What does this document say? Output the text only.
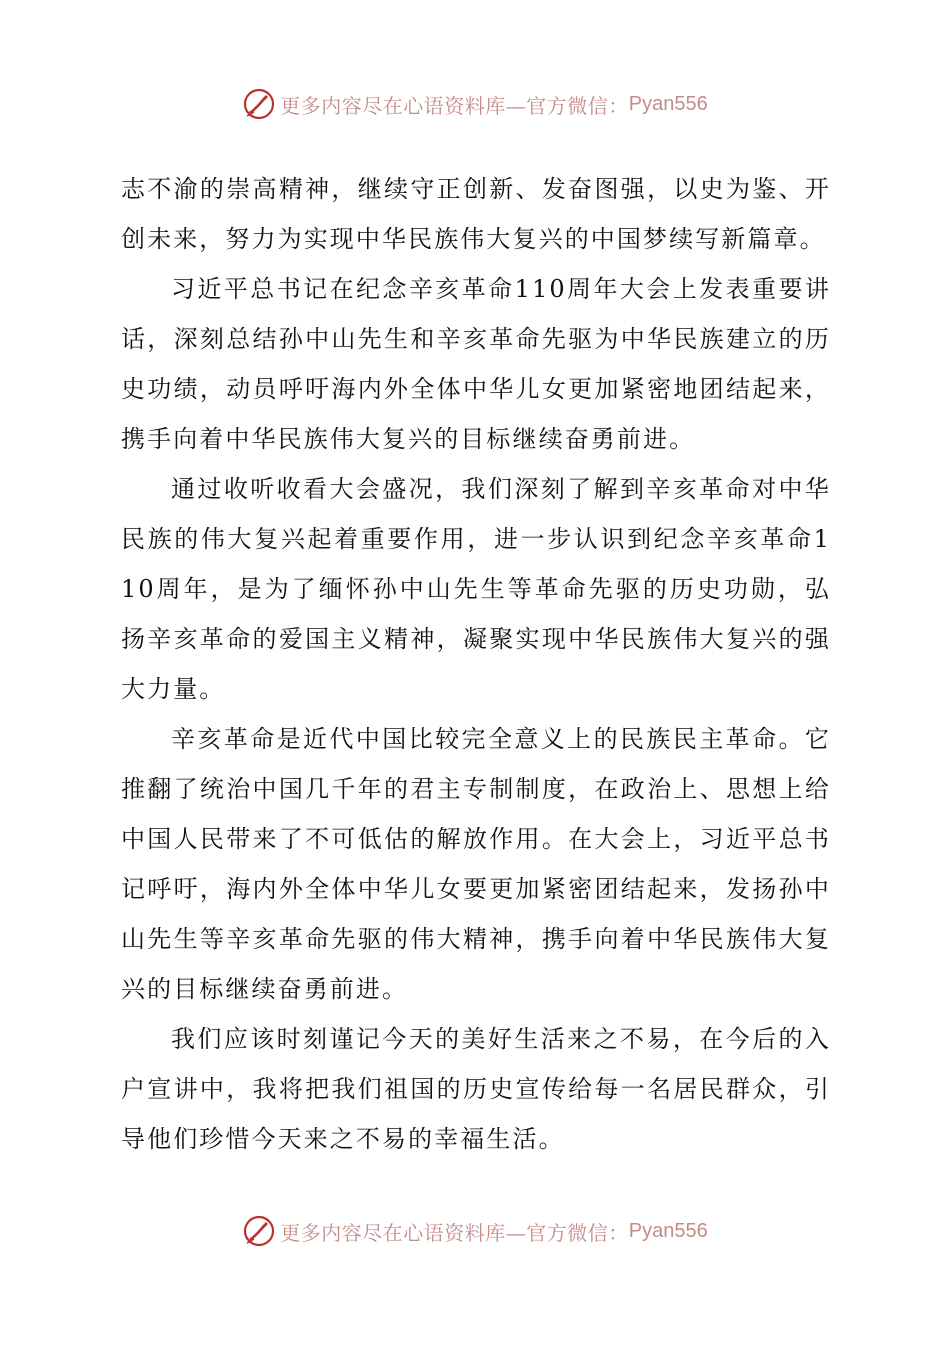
更多内容尽在心语资料库—官方微信： Pyan556

志不渝的崇高精神，继续守正创新、发奋图强，以史为鉴、开创未来，努力为实现中华民族伟大复兴的中国梦续写新篇章。

习近平总书记在纪念辛亥革命110周年大会上发表重要讲话，深刻总结孙中山先生和辛亥革命先驱为中华民族建立的历史功绩，动员呼吁海内外全体中华儿女更加紧密地团结起来，携手向着中华民族伟大复兴的目标继续奋勇前进。

通过收听收看大会盛况，我们深刻了解到辛亥革命对中华民族的伟大复兴起着重要作用，进一步认识到纪念辛亥革命110周年，是为了缅怀孙中山先生等革命先驱的历史功勋，弘扬辛亥革命的爱国主义精神，凝聚实现中华民族伟大复兴的强大力量。

辛亥革命是近代中国比较完全意义上的民族民主革命。它推翻了统治中国几千年的君主专制制度，在政治上、思想上给中国人民带来了不可低估的解放作用。在大会上，习近平总书记呼吁，海内外全体中华儿女要更加紧密团结起来，发扬孙中山先生等辛亥革命先驱的伟大精神，携手向着中华民族伟大复兴的目标继续奋勇前进。

我们应该时刻谨记今天的美好生活来之不易，在今后的入户宣讲中，我将把我们祖国的历史宣传给每一名居民群众，引导他们珍惜今天来之不易的幸福生活。

更多内容尽在心语资料库—官方微信： Pyan556
